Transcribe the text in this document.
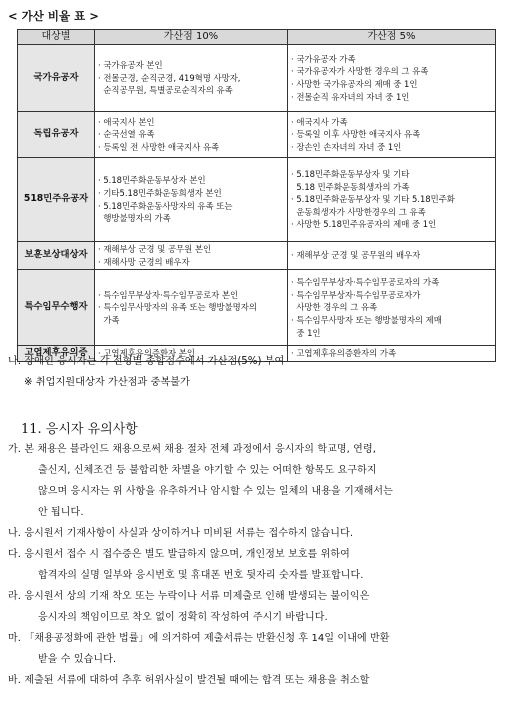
< 가산 비율 표 >
대상별	가산점 10%	가산점 5%
국가유공자	· 국가유공자 본인
· 전몰군경, 순직군경, 419혁명 사망자,
순직공무원, 특별공로순직자의 유족	· 국가유공자 가족
· 국가유공자가 사망한 경우의 그 유족
· 사망한 국가유공자의 제매 중 1인
· 전몰순직 유자녀의 자녀 중 1인

독립유공자	· 애국지사 본인
· 순국선열 유족
· 등록일 전 사망한 애국지사 유족	· 애국지사 가족
· 등록일 이후 사망한 애국지사 유족
· 장손인 손자녀의 자녀 중 1인

518민주유공자	· 5.18민주화운동부상자 본인
· 기타5.18민주화운동희생자 본인
· 5.18민주화운동사망자의 유족 또는
행방불명자의 가족	· 5.18민주화운동부상자 및 기타
5.18 민주화운동희생자의 가족
· 5.18민주화운동부상자 및 기타 5.18민주화
운동희생자가 사망한경우의 그 유족
· 사망한 5.18민주유공자의 제매 중 1인

보훈보상대상자	· 재해부상 군경 및 공무원 본인
· 재해사망 군경의 배우자	· 재해부상 군경 및 공무원의 배우자

특수임무수행자	· 특수임무부상자·특수임무공로자 본인
· 특수임무사망자의 유족 또는 행방불명자의
가족	· 특수임무부상자·특수임무공로자의 가족
· 특수임무부상자·특수임무공로자가
사망한 경우의 그 유족
· 특수임무사망자 또는 행방불명자의 제매
중 1인

고엽제후유의증	· 고엽제후유의증환자 본인	· 고엽제후유의증환자의 가족
나. 장애인 응시자는 각 전형별 종합점수에서 가산점(5%) 부여
※ 취업지원대상자 가산점과 중복불가
11. 응시자 유의사항
가. 본 채용은 블라인드 채용으로써 채용 절차 전체 과정에서 응시자의 학교명, 연령,
출신지, 신체조건 등 불합리한 차별을 야기할 수 있는 어떠한 항목도 요구하지
않으며 응시자는 위 사항을 유추하거나 암시할 수 있는 일체의 내용을 기재해서는
안 됩니다.
나. 응시원서 기재사항이 사실과 상이하거나 미비된 서류는 접수하지 않습니다.
다. 응시원서 접수 시 접수증은 별도 발급하지 않으며, 개인정보 보호를 위하여
합격자의 실명 일부와 응시번호 및 휴대폰 번호 뒷자리 숫자를 발표합니다.
라. 응시원서 상의 기재 착오 또는 누락이나 서류 미제출로 인해 발생되는 불이익은
응시자의 책임이므로 착오 없이 정확히 작성하여 주시기 바랍니다.
마. 「채용공정화에 관한 법률」에 의거하여 제출서류는 반환신청 후 14일 이내에 반환
받을 수 있습니다.
바. 제출된 서류에 대하여 추후 허위사실이 발견될 때에는 합격 또는 채용을 취소할
